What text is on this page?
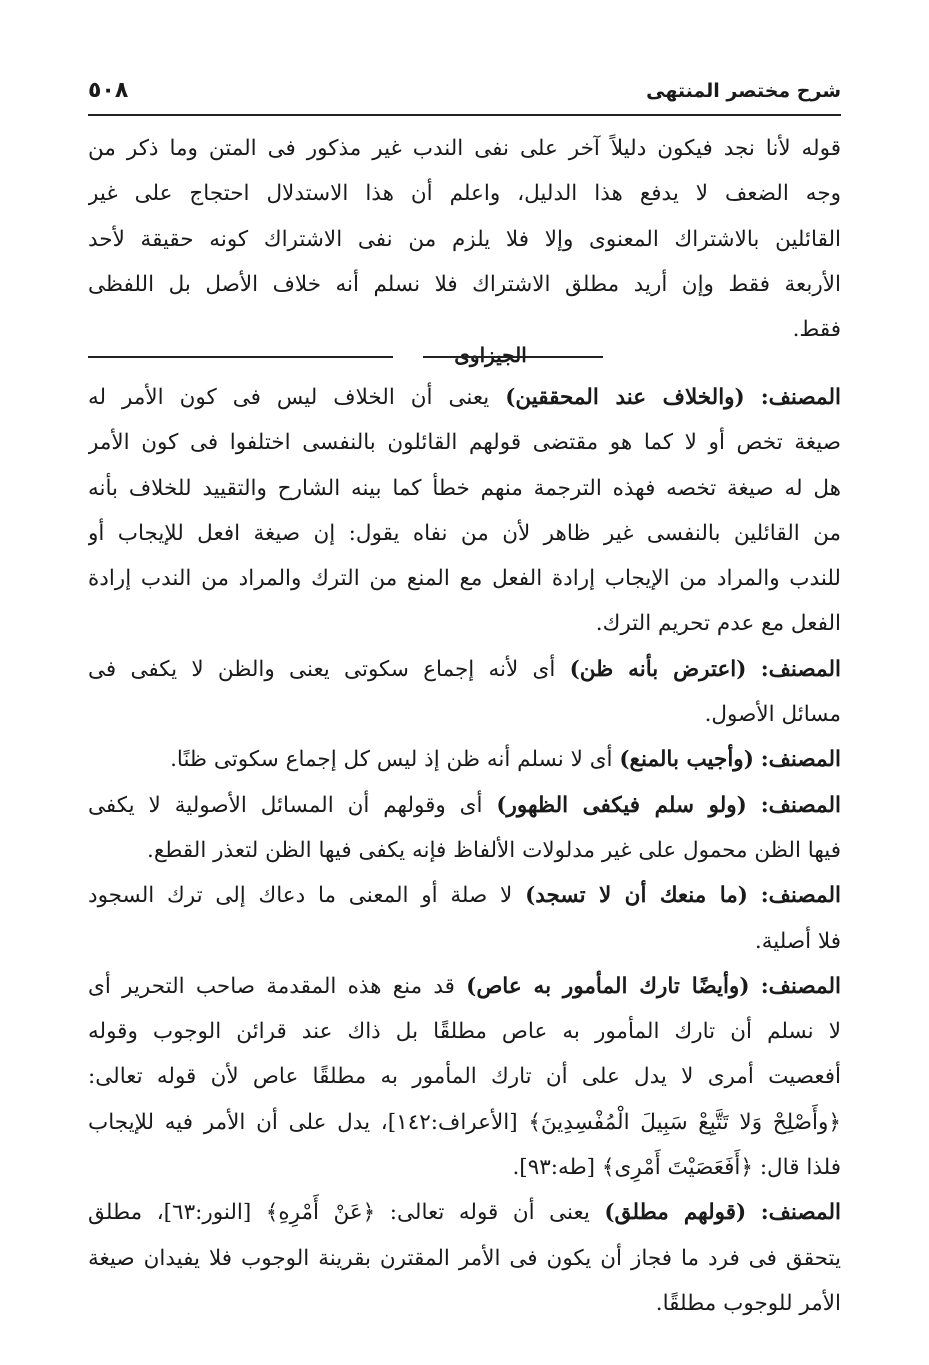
٥٠٨	شرح مختصر المنتهى
قوله لأنا نجد فيكون دليلاً آخر على نفى الندب غير مذكور فى المتن وما ذكر من
وجه الضعف لا يدفع هذا الدليل، واعلم أن هذا الاستدلال احتجاج على غير
القائلين بالاشتراك المعنوى وإلا فلا يلزم من نفى الاشتراك كونه حقيقة لأحد
الأربعة فقط وإن أريد مطلق الاشتراك فلا نسلم أنه خلاف الأصل بل اللفظى
فقط.
الجيزاوى
المصنف: (والخلاف عند المحققين) يعنى أن الخلاف ليس فى كون الأمر له
صيغة تخص أو لا كما هو مقتضى قولهم القائلون بالنفسى اختلفوا فى كون الأمر
هل له صيغة تخصه فهذه الترجمة منهم خطأ كما بينه الشارح والتقييد للخلاف بأنه
من القائلين بالنفسى غير ظاهر لأن من نفاه يقول: إن صيغة افعل للإيجاب أو
للندب والمراد من الإيجاب إرادة الفعل مع المنع من الترك والمراد من الندب إرادة
الفعل مع عدم تحريم الترك.
المصنف: (اعترض بأنه ظن) أى لأنه إجماع سكوتى يعنى والظن لا يكفى فى
مسائل الأصول.
المصنف: (وأجيب بالمنع) أى لا نسلم أنه ظن إذ ليس كل إجماع سكوتى ظنًا.
المصنف: (ولو سلم فيكفى الظهور) أى وقولهم أن المسائل الأصولية لا يكفى
فيها الظن محمول على غير مدلولات الألفاظ فإنه يكفى فيها الظن لتعذر القطع.
المصنف: (ما منعك أن لا تسجد) لا صلة أو المعنى ما دعاك إلى ترك السجود
فلا أصلية.
المصنف: (وأيضًا تارك المأمور به عاص) قد منع هذه المقدمة صاحب التحرير أى
لا نسلم أن تارك المأمور به عاص مطلقًا بل ذاك عند قرائن الوجوب وقوله
أفعصيت أمرى لا يدل على أن تارك المأمور به مطلقًا عاص لأن قوله تعالى:
﴿وأَصْلِحْ وَلا تَتَّبِعْ سَبِيلَ الْمُفْسِدِينَ﴾ [الأعراف:١٤٢]، يدل على أن الأمر فيه للإيجاب
فلذا قال: ﴿أَفَعَصَيْتَ أَمْرِى﴾ [طه:٩٣].
المصنف: (قولهم مطلق) يعنى أن قوله تعالى: ﴿عَنْ أَمْرِهِ﴾ [النور:٦٣]، مطلق
يتحقق فى فرد ما فجاز أن يكون فى الأمر المقترن بقرينة الوجوب فلا يفيدان صيغة
الأمر للوجوب مطلقًا.
